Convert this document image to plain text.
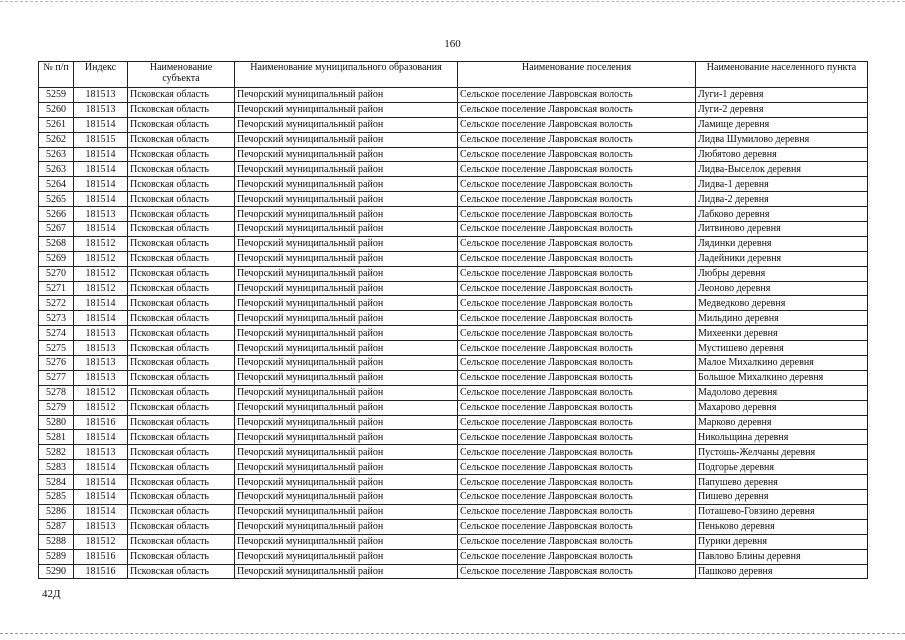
160
№ п/п	Индекс	Наименование субъекта	Наименование муниципального образования	Наименование поселения	Наименование населенного пункта
5259	181513	Псковская область	Печорский муниципальный район	Сельское поселение Лавровская волость	Луги-1 деревня
5260	181513	Псковская область	Печорский муниципальный район	Сельское поселение Лавровская волость	Луги-2 деревня
5261	181514	Псковская область	Печорский муниципальный район	Сельское поселение Лавровская волость	Ламище деревня
5262	181515	Псковская область	Печорский муниципальный район	Сельское поселение Лавровская волость	Лидва Шумилово деревня
5263	181514	Псковская область	Печорский муниципальный район	Сельское поселение Лавровская волость	Любятово деревня
5263	181514	Псковская область	Печорский муниципальный район	Сельское поселение Лавровская волость	Лидва-Выселок деревня
5264	181514	Псковская область	Печорский муниципальный район	Сельское поселение Лавровская волость	Лидва-1 деревня
5265	181514	Псковская область	Печорский муниципальный район	Сельское поселение Лавровская волость	Лидва-2 деревня
5266	181513	Псковская область	Печорский муниципальный район	Сельское поселение Лавровская волость	Лабково деревня
5267	181514	Псковская область	Печорский муниципальный район	Сельское поселение Лавровская волость	Литвиново деревня
5268	181512	Псковская область	Печорский муниципальный район	Сельское поселение Лавровская волость	Лядинки деревня
5269	181512	Псковская область	Печорский муниципальный район	Сельское поселение Лавровская волость	Ладейники деревня
5270	181512	Псковская область	Печорский муниципальный район	Сельское поселение Лавровская волость	Любры деревня
5271	181512	Псковская область	Печорский муниципальный район	Сельское поселение Лавровская волость	Леоново деревня
5272	181514	Псковская область	Печорский муниципальный район	Сельское поселение Лавровская волость	Медведково деревня
5273	181514	Псковская область	Печорский муниципальный район	Сельское поселение Лавровская волость	Мильдино деревня
5274	181513	Псковская область	Печорский муниципальный район	Сельское поселение Лавровская волость	Михеенки деревня
5275	181513	Псковская область	Печорский муниципальный район	Сельское поселение Лавровская волость	Мустишево деревня
5276	181513	Псковская область	Печорский муниципальный район	Сельское поселение Лавровская волость	Малое Михалкино деревня
5277	181513	Псковская область	Печорский муниципальный район	Сельское поселение Лавровская волость	Большое Михалкино деревня
5278	181512	Псковская область	Печорский муниципальный район	Сельское поселение Лавровская волость	Мадолово деревня
5279	181512	Псковская область	Печорский муниципальный район	Сельское поселение Лавровская волость	Махарово деревня
5280	181516	Псковская область	Печорский муниципальный район	Сельское поселение Лавровская волость	Марково деревня
5281	181514	Псковская область	Печорский муниципальный район	Сельское поселение Лавровская волость	Никольщина деревня
5282	181513	Псковская область	Печорский муниципальный район	Сельское поселение Лавровская волость	Пустошь-Желчаны деревня
5283	181514	Псковская область	Печорский муниципальный район	Сельское поселение Лавровская волость	Подгорье деревня
5284	181514	Псковская область	Печорский муниципальный район	Сельское поселение Лавровская волость	Папушево деревня
5285	181514	Псковская область	Печорский муниципальный район	Сельское поселение Лавровская волость	Пишево деревня
5286	181514	Псковская область	Печорский муниципальный район	Сельское поселение Лавровская волость	Поташево-Говзино деревня
5287	181513	Псковская область	Печорский муниципальный район	Сельское поселение Лавровская волость	Пеньково деревня
5288	181512	Псковская область	Печорский муниципальный район	Сельское поселение Лавровская волость	Пурики деревня
5289	181516	Псковская область	Печорский муниципальный район	Сельское поселение Лавровская волость	Павлово Блины деревня
5290	181516	Псковская область	Печорский муниципальный район	Сельское поселение Лавровская волость	Пашково деревня
42Д
